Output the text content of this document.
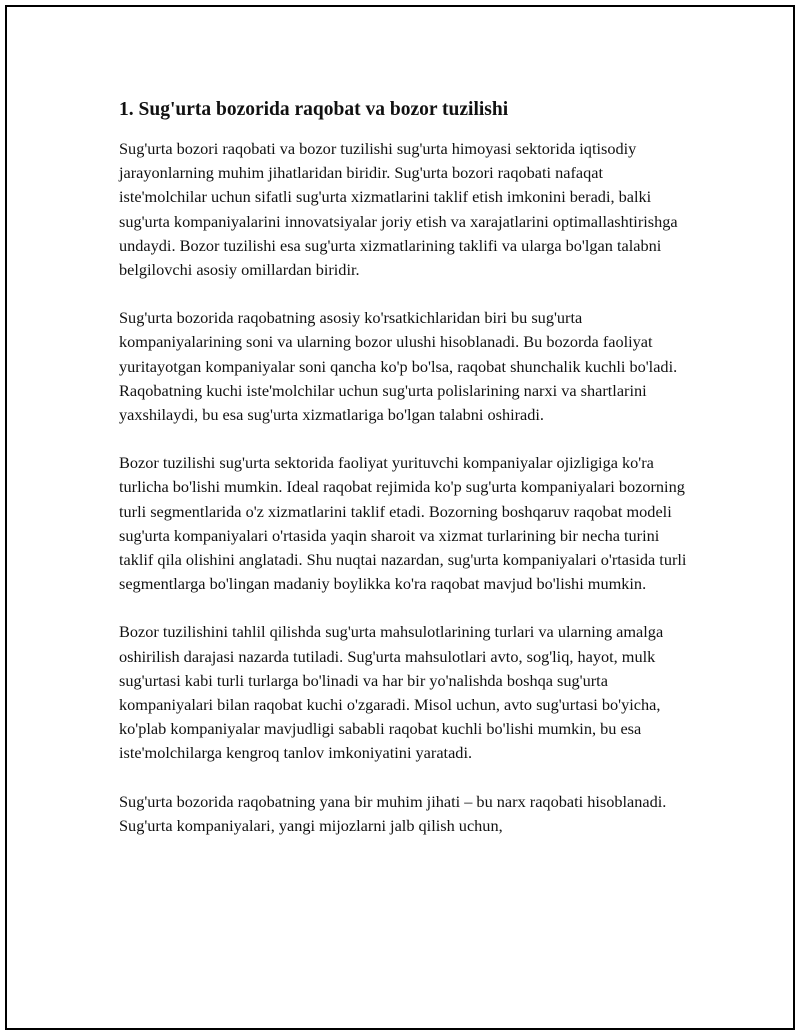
1. Sug'urta bozorida raqobat va bozor tuzilishi

Sug'urta bozori raqobati va bozor tuzilishi sug'urta himoyasi sektorida iqtisodiy jarayonlarning muhim jihatlaridan biridir. Sug'urta bozori raqobati nafaqat iste'molchilar uchun sifatli sug'urta xizmatlarini taklif etish imkonini beradi, balki sug'urta kompaniyalarini innovatsiyalar joriy etish va xarajatlarini optimallashtirishga undaydi. Bozor tuzilishi esa sug'urta xizmatlarining taklifi va ularga bo'lgan talabni belgilovchi asosiy omillardan biridir.

Sug'urta bozorida raqobatning asosiy ko'rsatkichlaridan biri bu sug'urta kompaniyalarining soni va ularning bozor ulushi hisoblanadi. Bu bozorda faoliyat yuritayotgan kompaniyalar soni qancha ko'p bo'lsa, raqobat shunchalik kuchli bo'ladi. Raqobatning kuchi iste'molchilar uchun sug'urta polislarining narxi va shartlarini yaxshilaydi, bu esa sug'urta xizmatlariga bo'lgan talabni oshiradi.

Bozor tuzilishi sug'urta sektorida faoliyat yurituvchi kompaniyalar ojizligiga ko'ra turlicha bo'lishi mumkin. Ideal raqobat rejimida ko'p sug'urta kompaniyalari bozorning turli segmentlarida o'z xizmatlarini taklif etadi. Bozorning boshqaruv raqobat modeli sug'urta kompaniyalari o'rtasida yaqin sharoit va xizmat turlarining bir necha turini taklif qila olishini anglatadi. Shu nuqtai nazardan, sug'urta kompaniyalari o'rtasida turli segmentlarga bo'lingan madaniy boylikka ko'ra raqobat mavjud bo'lishi mumkin.

Bozor tuzilishini tahlil qilishda sug'urta mahsulotlarining turlari va ularning amalga oshirilish darajasi nazarda tutiladi. Sug'urta mahsulotlari avto, sog'liq, hayot, mulk sug'urtasi kabi turli turlarga bo'linadi va har bir yo'nalishda boshqa sug'urta kompaniyalari bilan raqobat kuchi o'zgaradi. Misol uchun, avto sug'urtasi bo'yicha, ko'plab kompaniyalar mavjudligi sababli raqobat kuchli bo'lishi mumkin, bu esa iste'molchilarga kengroq tanlov imkoniyatini yaratadi.

Sug'urta bozorida raqobatning yana bir muhim jihati – bu narx raqobati hisoblanadi. Sug'urta kompaniyalari, yangi mijozlarni jalb qilish uchun,
